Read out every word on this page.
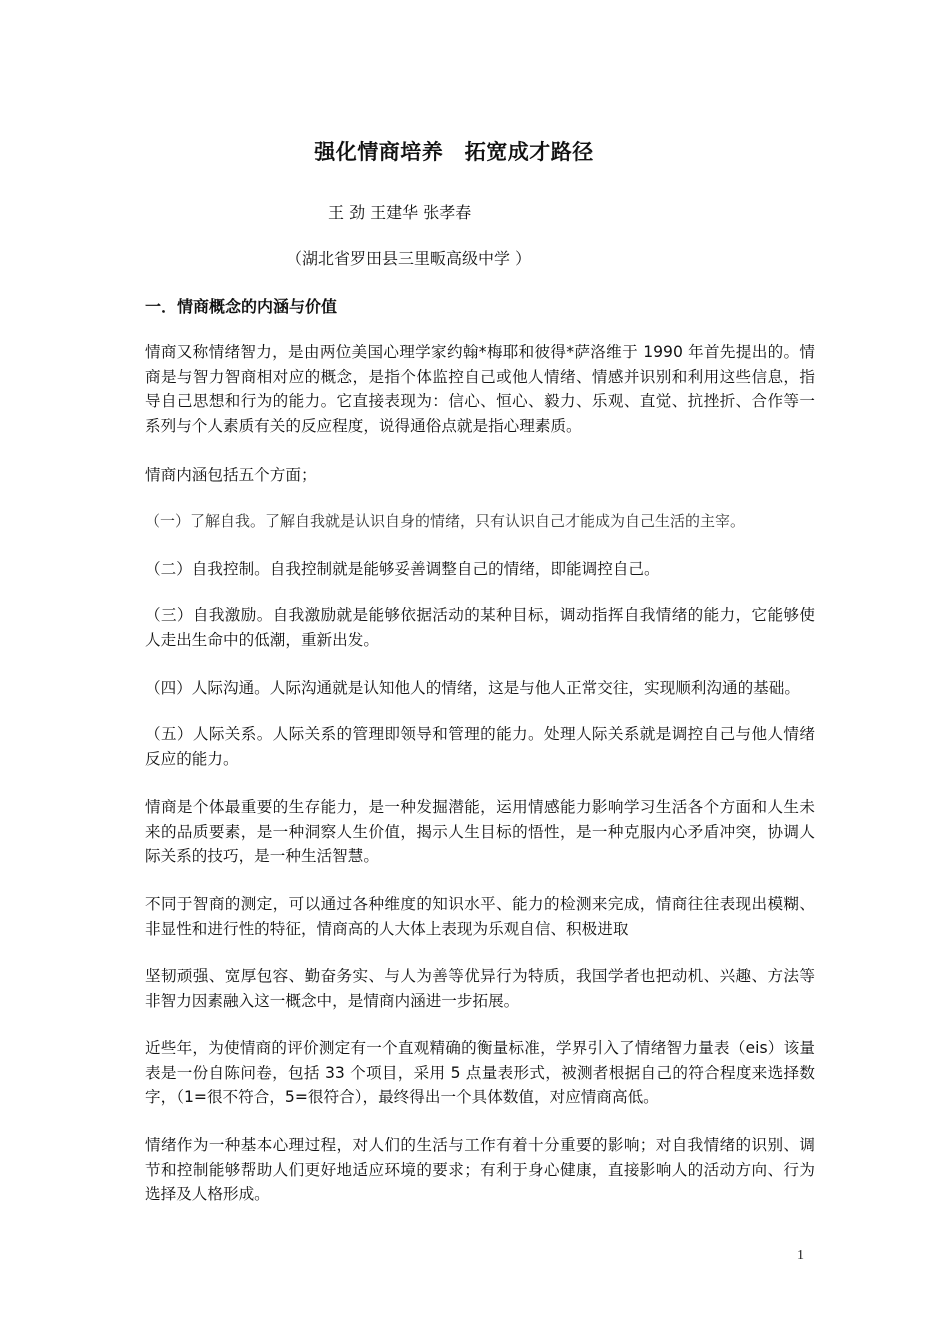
强化情商培养　拓宽成才路径
王 劲 王建华 张孝春
（湖北省罗田县三里畈高级中学 ）
一．情商概念的内涵与价值

情商又称情绪智力，是由两位美国心理学家约翰*梅耶和彼得*萨洛维于 1990 年首先提出的。情商是与智力智商相对应的概念，是指个体监控自己或他人情绪、情感并识别和利用这些信息，指导自己思想和行为的能力。它直接表现为：信心、恒心、毅力、乐观、直觉、抗挫折、合作等一系列与个人素质有关的反应程度，说得通俗点就是指心理素质。

情商内涵包括五个方面；

（一）了解自我。了解自我就是认识自身的情绪，只有认识自己才能成为自己生活的主宰。

（二）自我控制。自我控制就是能够妥善调整自己的情绪，即能调控自己。

（三）自我激励。自我激励就是能够依据活动的某种目标，调动指挥自我情绪的能力，它能够使人走出生命中的低潮，重新出发。

（四）人际沟通。人际沟通就是认知他人的情绪，这是与他人正常交往，实现顺利沟通的基础。

（五）人际关系。人际关系的管理即领导和管理的能力。处理人际关系就是调控自己与他人情绪反应的能力。

情商是个体最重要的生存能力，是一种发掘潜能，运用情感能力影响学习生活各个方面和人生未来的品质要素，是一种洞察人生价值，揭示人生目标的悟性，是一种克服内心矛盾冲突，协调人际关系的技巧，是一种生活智慧。

不同于智商的测定，可以通过各种维度的知识水平、能力的检测来完成，情商往往表现出模糊、非显性和进行性的特征，情商高的人大体上表现为乐观自信、积极进取

坚韧顽强、宽厚包容、勤奋务实、与人为善等优异行为特质，我国学者也把动机、兴趣、方法等非智力因素融入这一概念中，是情商内涵进一步拓展。

近些年，为使情商的评价测定有一个直观精确的衡量标准，学界引入了情绪智力量表（eis）该量表是一份自陈问卷，包括 33 个项目，采用 5 点量表形式，被测者根据自己的符合程度来选择数字，（1=很不符合，5=很符合），最终得出一个具体数值，对应情商高低。

情绪作为一种基本心理过程，对人们的生活与工作有着十分重要的影响；对自我情绪的识别、调节和控制能够帮助人们更好地适应环境的要求；有利于身心健康，直接影响人的活动方向、行为选择及人格形成。

1
